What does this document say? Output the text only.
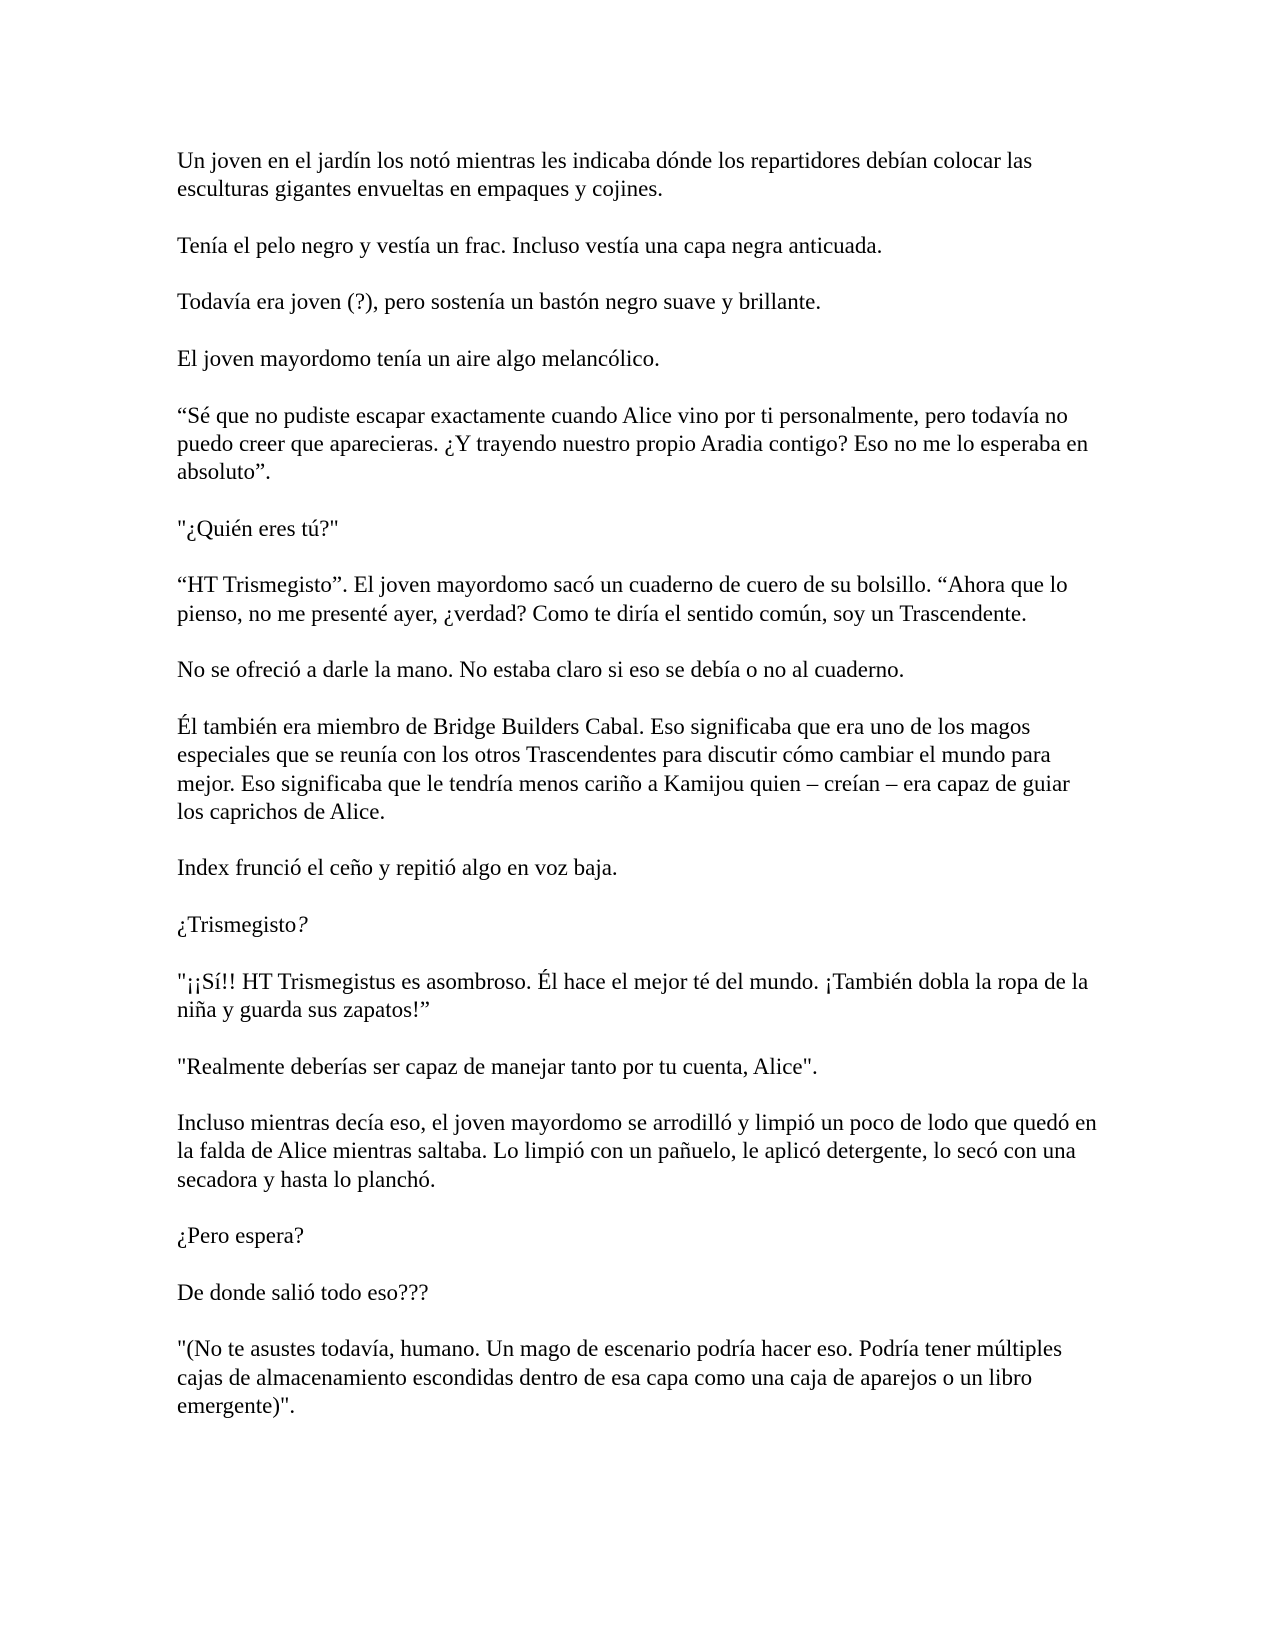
Un joven en el jardín los notó mientras les indicaba dónde los repartidores debían colocar las esculturas gigantes envueltas en empaques y cojines.

Tenía el pelo negro y vestía un frac. Incluso vestía una capa negra anticuada.

Todavía era joven (?), pero sostenía un bastón negro suave y brillante.

El joven mayordomo tenía un aire algo melancólico.

“Sé que no pudiste escapar exactamente cuando Alice vino por ti personalmente, pero todavía no puedo creer que aparecieras. ¿Y trayendo nuestro propio Aradia contigo? Eso no me lo esperaba en absoluto”.

"¿Quién eres tú?"

“HT Trismegisto”. El joven mayordomo sacó un cuaderno de cuero de su bolsillo. “Ahora que lo pienso, no me presenté ayer, ¿verdad? Como te diría el sentido común, soy un Trascendente.

No se ofreció a darle la mano. No estaba claro si eso se debía o no al cuaderno.

Él también era miembro de Bridge Builders Cabal. Eso significaba que era uno de los magos especiales que se reunía con los otros Trascendentes para discutir cómo cambiar el mundo para mejor. Eso significaba que le tendría menos cariño a Kamijou quien – creían – era capaz de guiar los caprichos de Alice.

Index frunció el ceño y repitió algo en voz baja.

¿Trismegisto?

"¡¡Sí!! HT Trismegistus es asombroso. Él hace el mejor té del mundo. ¡También dobla la ropa de la niña y guarda sus zapatos!”

"Realmente deberías ser capaz de manejar tanto por tu cuenta, Alice".

Incluso mientras decía eso, el joven mayordomo se arrodilló y limpió un poco de lodo que quedó en la falda de Alice mientras saltaba. Lo limpió con un pañuelo, le aplicó detergente, lo secó con una secadora y hasta lo planchó.

¿Pero espera?

De donde salió todo eso???

"(No te asustes todavía, humano. Un mago de escenario podría hacer eso. Podría tener múltiples cajas de almacenamiento escondidas dentro de esa capa como una caja de aparejos o un libro emergente)".
